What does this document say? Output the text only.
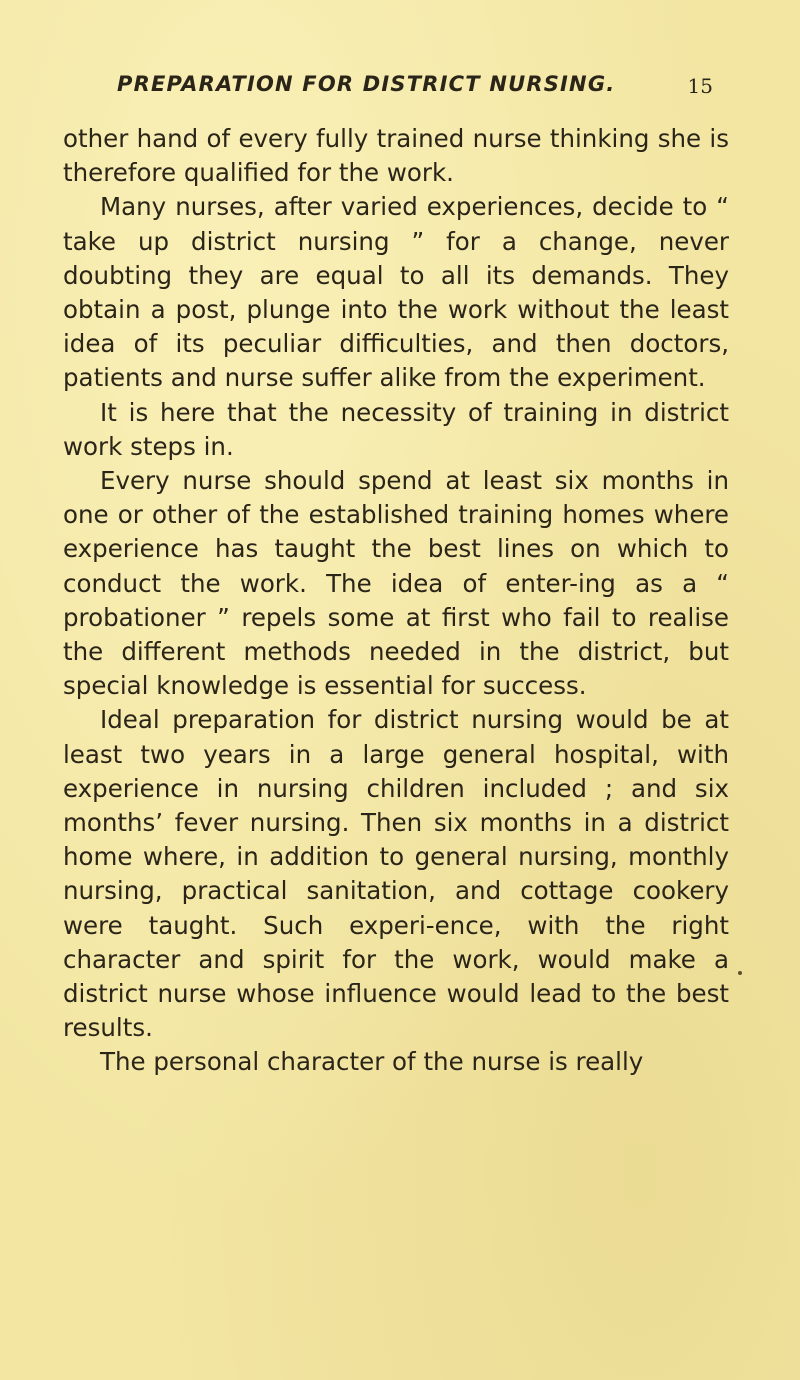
PREPARATION FOR DISTRICT NURSING.	15

other hand of every fully trained nurse thinking she is therefore qualified for the work.

Many nurses, after varied experiences, decide to “ take up district nursing ” for a change, never doubting they are equal to all its demands. They obtain a post, plunge into the work without the least idea of its peculiar difficulties, and then doctors, patients and nurse suffer alike from the experiment.

It is here that the necessity of training in district work steps in.

Every nurse should spend at least six months in one or other of the established training homes where experience has taught the best lines on which to conduct the work. The idea of enter-ing as a “ probationer ” repels some at first who fail to realise the different methods needed in the district, but special knowledge is essential for success.

Ideal preparation for district nursing would be at least two years in a large general hospital, with experience in nursing children included ; and six months’ fever nursing. Then six months in a district home where, in addition to general nursing, monthly nursing, practical sanitation, and cottage cookery were taught. Such experi-ence, with the right character and spirit for the work, would make a district nurse whose influence would lead to the best results.

The personal character of the nurse is really
